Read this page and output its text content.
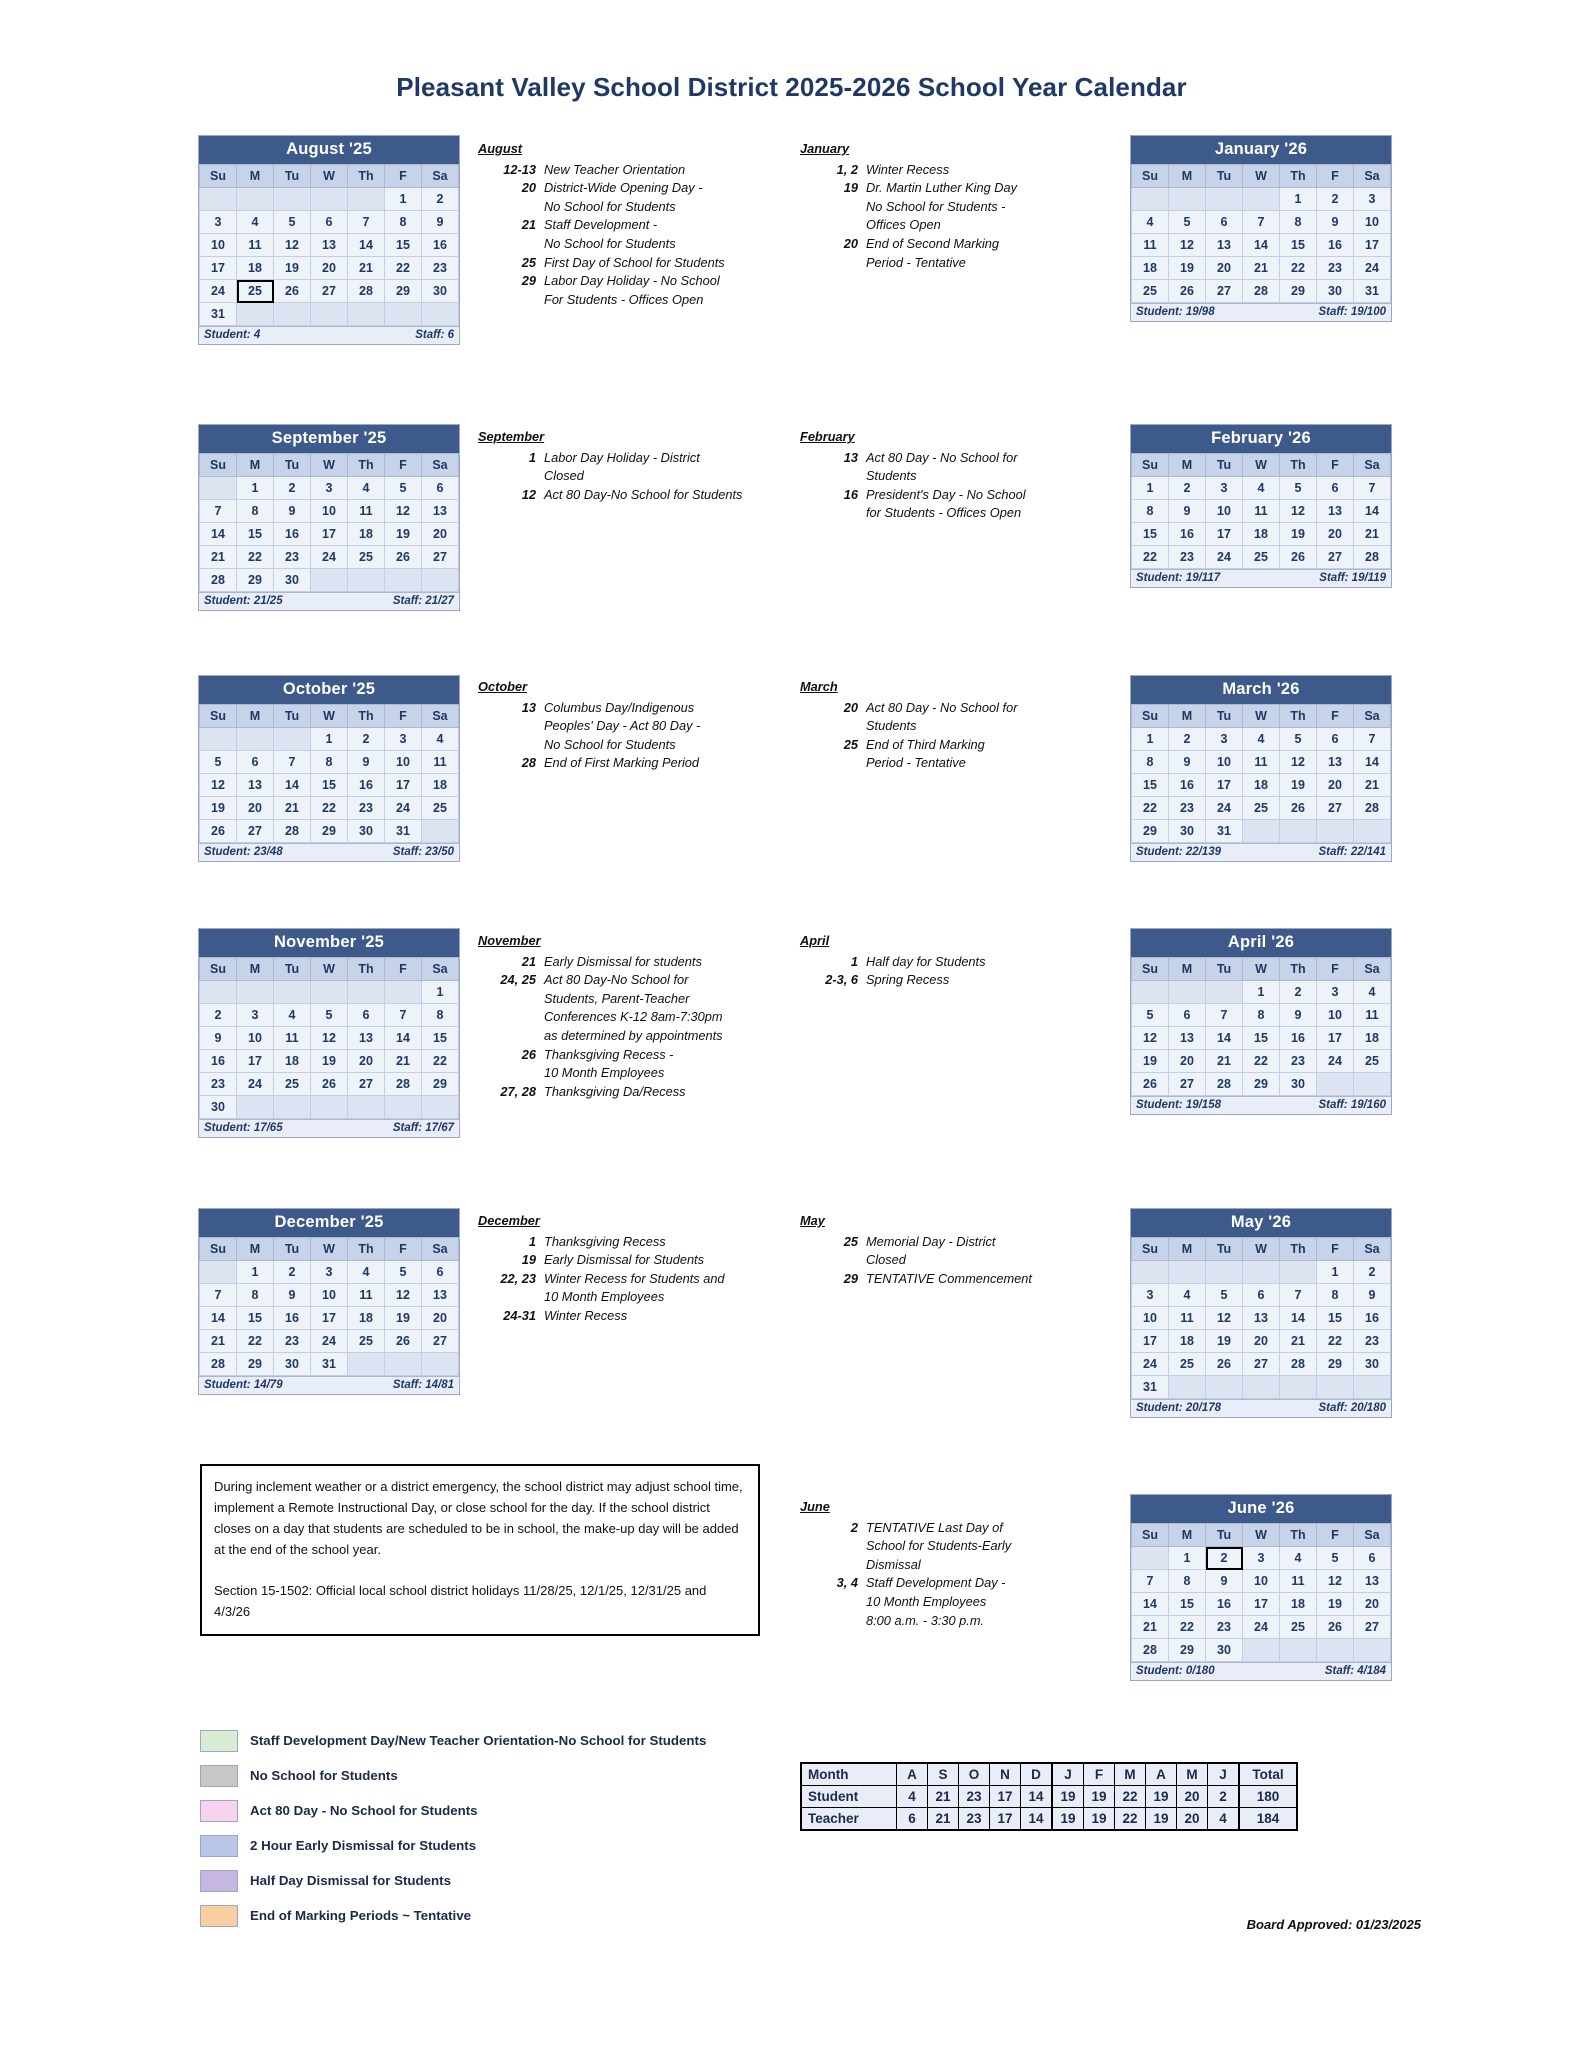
Pleasant Valley School District 2025-2026 School Year Calendar
August '25
Su	M	Tu	W	Th	F	Sa
					1	2
3	4	5	6	7	8	9
10	11	12	13	14	15	16
17	18	19	20	21	22	23
24	25	26	27	28	29	30
31						
Student: 4	Staff: 6
September '25
Su	M	Tu	W	Th	F	Sa
	1	2	3	4	5	6
7	8	9	10	11	12	13
14	15	16	17	18	19	20
21	22	23	24	25	26	27
28	29	30				
Student: 21/25	Staff: 21/27
October '25
Su	M	Tu	W	Th	F	Sa
			1	2	3	4
5	6	7	8	9	10	11
12	13	14	15	16	17	18
19	20	21	22	23	24	25
26	27	28	29	30	31	
Student: 23/48	Staff: 23/50
November '25
Su	M	Tu	W	Th	F	Sa
						1
2	3	4	5	6	7	8
9	10	11	12	13	14	15
16	17	18	19	20	21	22
23	24	25	26	27	28	29
30						
Student: 17/65	Staff: 17/67
December '25
Su	M	Tu	W	Th	F	Sa
	1	2	3	4	5	6
7	8	9	10	11	12	13
14	15	16	17	18	19	20
21	22	23	24	25	26	27
28	29	30	31			
Student: 14/79	Staff: 14/81
January '26
Su	M	Tu	W	Th	F	Sa
				1	2	3
4	5	6	7	8	9	10
11	12	13	14	15	16	17
18	19	20	21	22	23	24
25	26	27	28	29	30	31
Student: 19/98	Staff: 19/100
February '26
Su	M	Tu	W	Th	F	Sa
1	2	3	4	5	6	7
8	9	10	11	12	13	14
15	16	17	18	19	20	21
22	23	24	25	26	27	28
Student: 19/117	Staff: 19/119
March '26
Su	M	Tu	W	Th	F	Sa
1	2	3	4	5	6	7
8	9	10	11	12	13	14
15	16	17	18	19	20	21
22	23	24	25	26	27	28
29	30	31				
Student: 22/139	Staff: 22/141
April '26
Su	M	Tu	W	Th	F	Sa
			1	2	3	4
5	6	7	8	9	10	11
12	13	14	15	16	17	18
19	20	21	22	23	24	25
26	27	28	29	30		
Student: 19/158	Staff: 19/160
May '26
Su	M	Tu	W	Th	F	Sa
					1	2
3	4	5	6	7	8	9
10	11	12	13	14	15	16
17	18	19	20	21	22	23
24	25	26	27	28	29	30
31						
Student: 20/178	Staff: 20/180
June '26
Su	M	Tu	W	Th	F	Sa
	1	2	3	4	5	6
7	8	9	10	11	12	13
14	15	16	17	18	19	20
21	22	23	24	25	26	27
28	29	30				
Student: 0/180	Staff: 4/184
August
12-13 New Teacher Orientation
20 District-Wide Opening Day -
No School for Students
21 Staff Development -
No School for Students
25 First Day of School for Students
29 Labor Day Holiday - No School
For Students - Offices Open
September
1 Labor Day Holiday - District
Closed
12 Act 80 Day-No School for Students
October
13 Columbus Day/Indigenous
Peoples' Day - Act 80 Day -
No School for Students
28 End of First Marking Period
November
21 Early Dismissal for students
24, 25 Act 80 Day-No School for
Students, Parent-Teacher
Conferences K-12 8am-7:30pm
as determined by appointments
26 Thanksgiving Recess -
10 Month Employees
27, 28 Thanksgiving Da/Recess
December
1 Thanksgiving Recess
19 Early Dismissal for Students
22, 23 Winter Recess for Students and
10 Month Employees
24-31 Winter Recess
January
1, 2 Winter Recess
19 Dr. Martin Luther King Day
No School for Students -
Offices Open
20 End of Second Marking
Period - Tentative
February
13 Act 80 Day - No School for
Students
16 President's Day - No School
for Students - Offices Open
March
20 Act 80 Day - No School for
Students
25 End of Third Marking
Period - Tentative
April
1 Half day for Students
2-3, 6 Spring Recess
May
25 Memorial Day - District
Closed
29 TENTATIVE Commencement
June
2 TENTATIVE Last Day of
School for Students-Early
Dismissal
3, 4 Staff Development Day -
10 Month Employees
8:00 a.m. - 3:30 p.m.

During inclement weather or a district emergency, the school district may adjust school time, implement a Remote Instructional Day, or close school for the day. If the school district closes on a day that students are scheduled to be in school, the make-up day will be added at the end of the school year.

Section 15-1502: Official local school district holidays 11/28/25, 12/1/25, 12/31/25 and 4/3/26

Staff Development Day/New Teacher Orientation-No School for Students
No School for Students
Act 80 Day - No School for Students
2 Hour Early Dismissal for Students
Half Day Dismissal for Students
End of Marking Periods ~ Tentative
Month	A	S	O	N	D	J	F	M	A	M	J	Total
Student	4	21	23	17	14	19	19	22	19	20	2	180
Teacher	6	21	23	17	14	19	19	22	19	20	4	184
Board Approved: 01/23/2025
